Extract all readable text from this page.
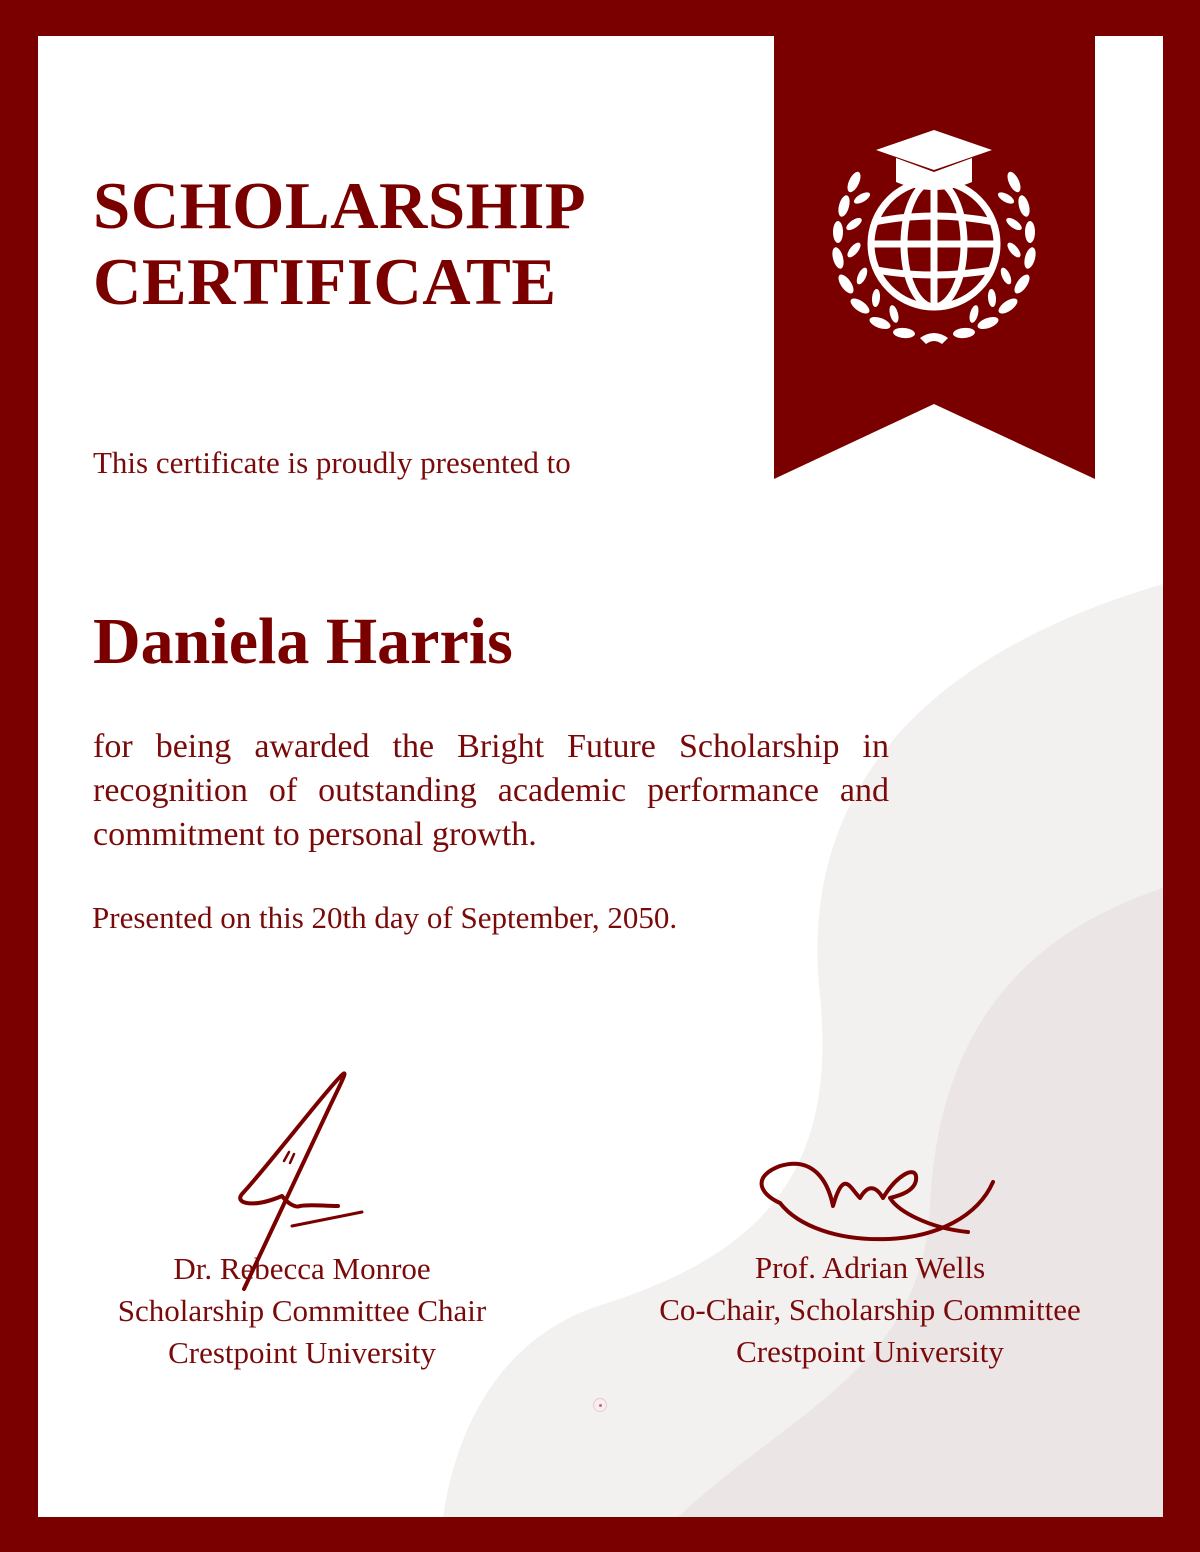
SCHOLARSHIP
CERTIFICATE
This certificate is proudly presented to
Daniela Harris
for being awarded the Bright Future Scholarship in recognition of outstanding academic performance and commitment to personal growth.
Presented on this 20th day of September, 2050.
Dr. Rebecca Monroe
Scholarship Committee Chair
Crestpoint University
Prof. Adrian Wells
Co-Chair, Scholarship Committee
Crestpoint University
